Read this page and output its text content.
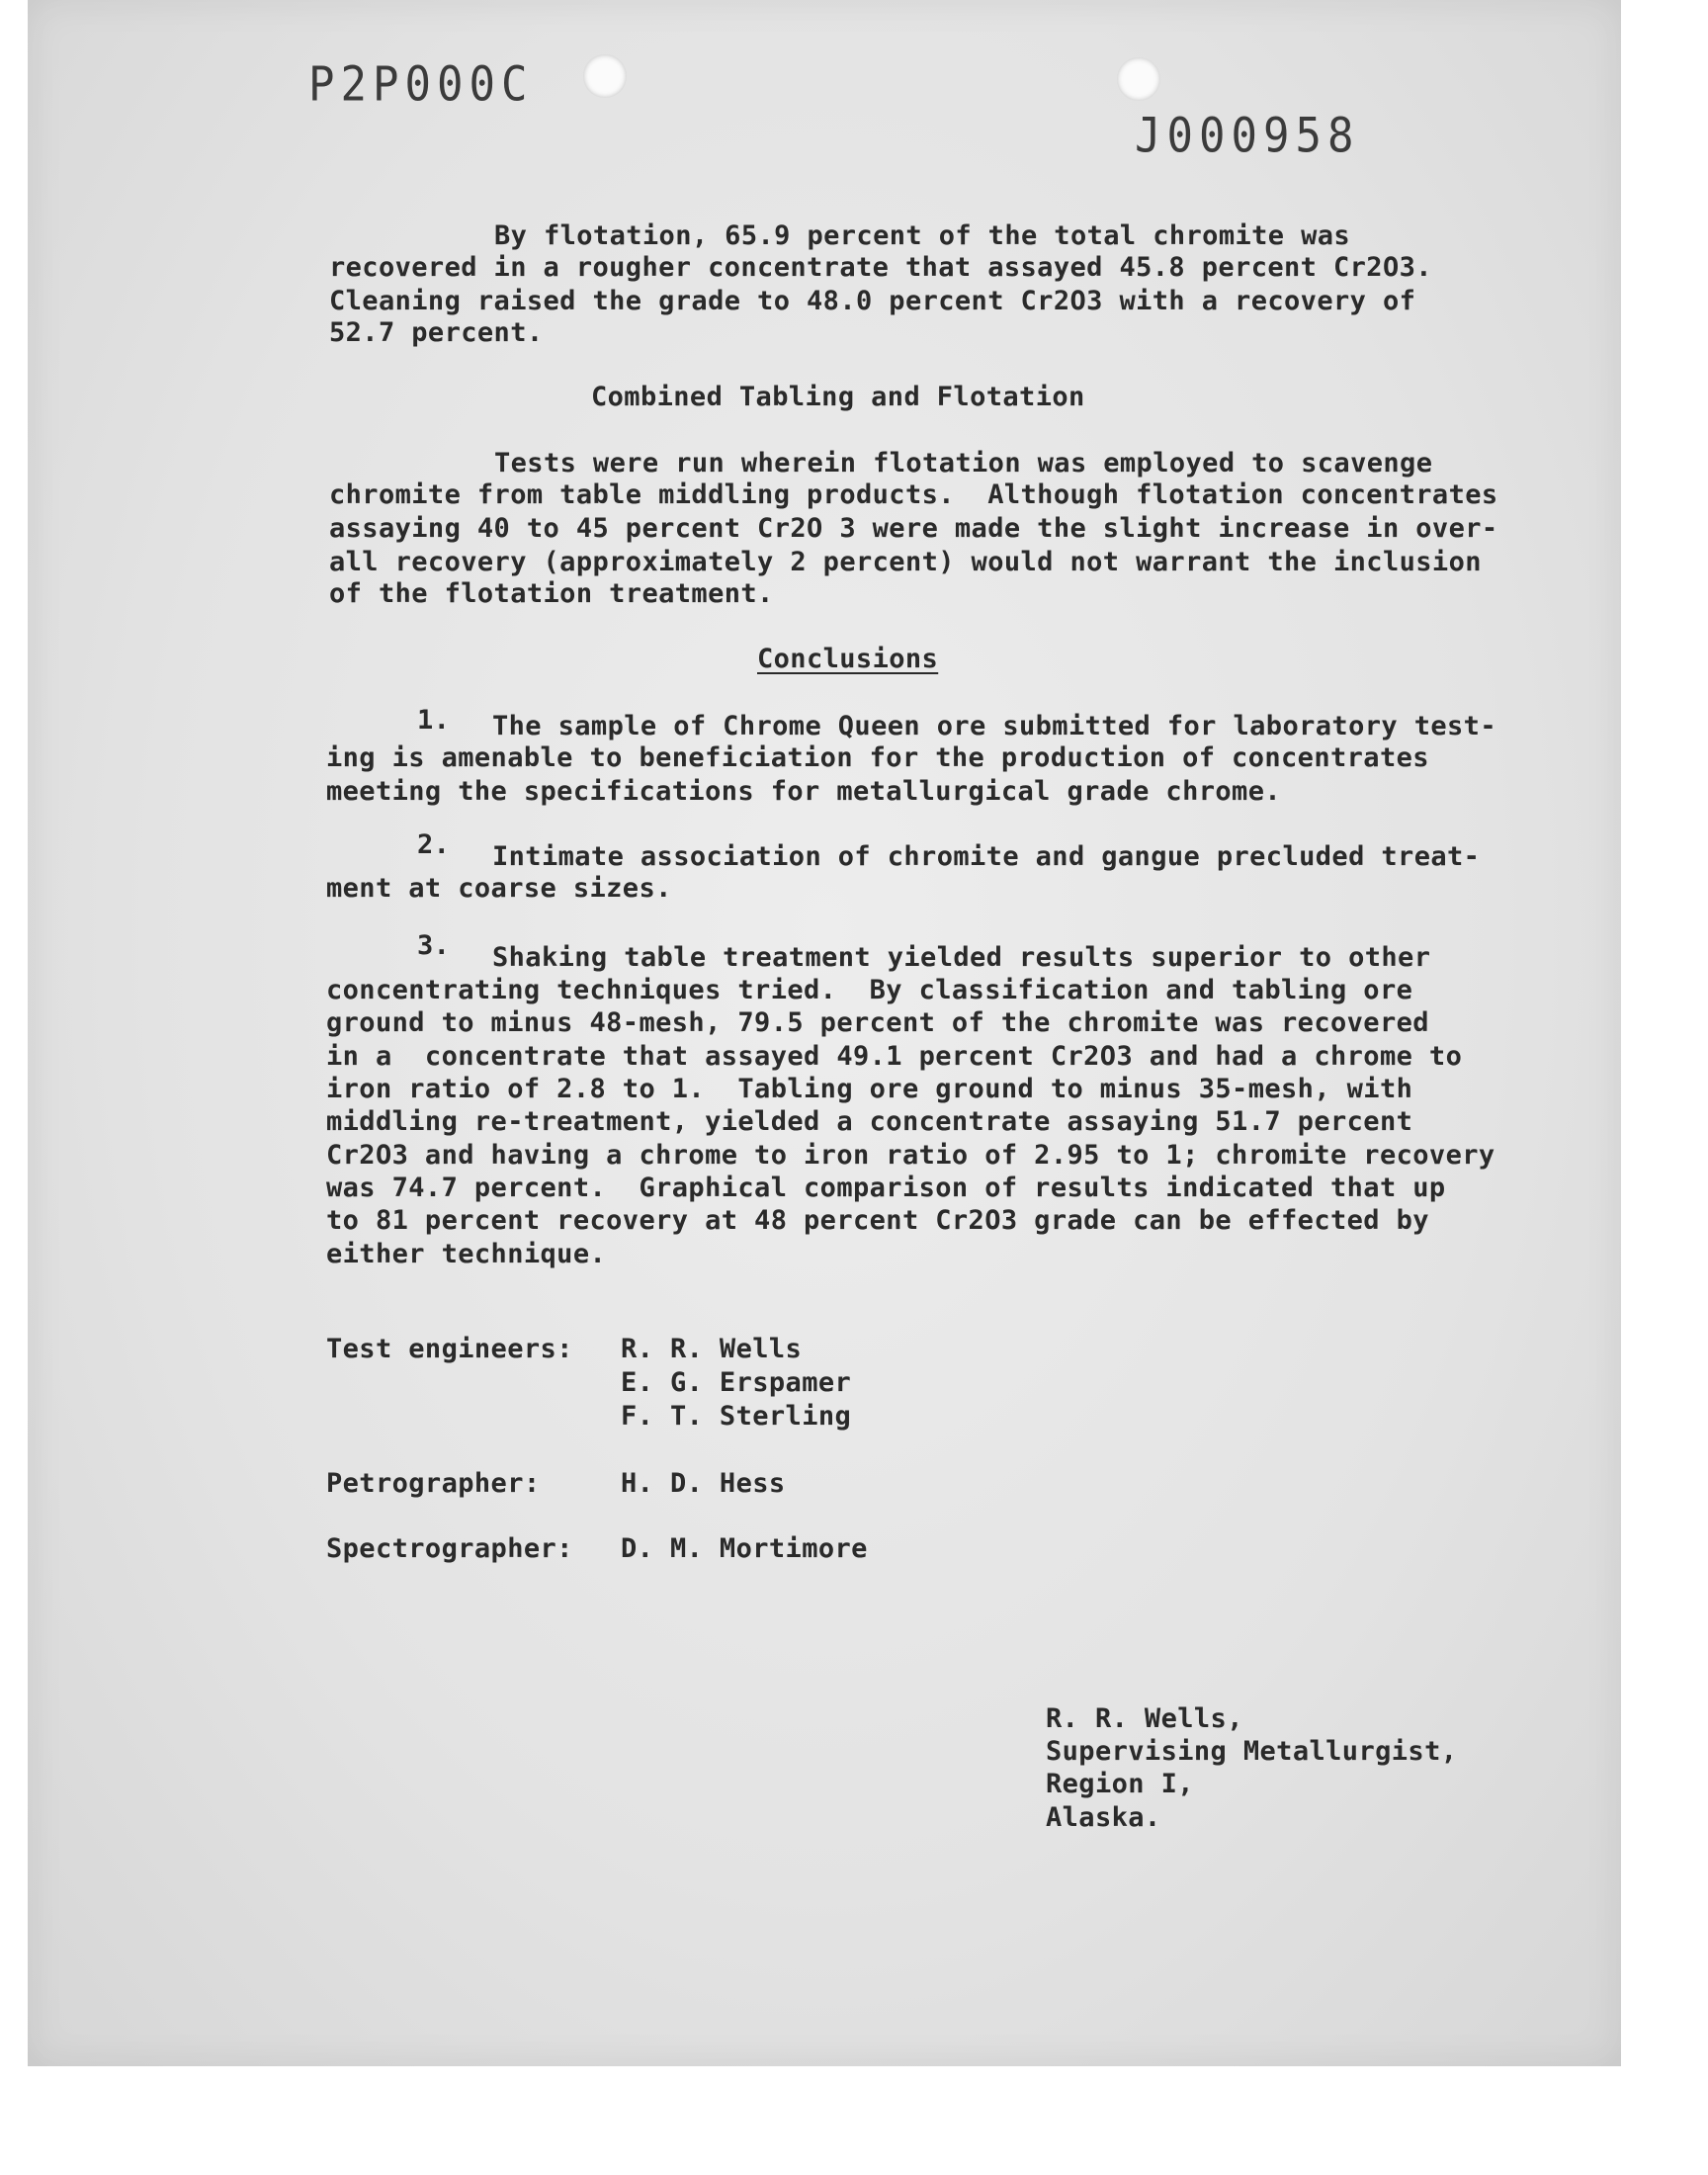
P2P000C
J000958
By flotation, 65.9 percent of the total chromite was
recovered in a rougher concentrate that assayed 45.8 percent Cr2O3.
Cleaning raised the grade to 48.0 percent Cr2O3 with a recovery of
52.7 percent.
Combined Tabling and Flotation
Tests were run wherein flotation was employed to scavenge
chromite from table middling products.  Although flotation concentrates
assaying 40 to 45 percent Cr2O 3 were made the slight increase in over-
all recovery (approximately 2 percent) would not warrant the inclusion
of the flotation treatment.
Conclusions
1. The sample of Chrome Queen ore submitted for laboratory test-
ing is amenable to beneficiation for the production of concentrates
meeting the specifications for metallurgical grade chrome.
2. Intimate association of chromite and gangue precluded treat-
ment at coarse sizes.
3. Shaking table treatment yielded results superior to other
concentrating techniques tried.  By classification and tabling ore
ground to minus 48-mesh, 79.5 percent of the chromite was recovered
in a  concentrate that assayed 49.1 percent Cr2O3 and had a chrome to
iron ratio of 2.8 to 1.  Tabling ore ground to minus 35-mesh, with
middling re-treatment, yielded a concentrate assaying 51.7 percent
Cr2O3 and having a chrome to iron ratio of 2.95 to 1; chromite recovery
was 74.7 percent.  Graphical comparison of results indicated that up
to 81 percent recovery at 48 percent Cr2O3 grade can be effected by
either technique.
Test engineers: R. R. Wells
E. G. Erspamer
F. T. Sterling
Petrographer:	H. D. Hess
Spectrographer: D. M. Mortimore
R. R. Wells,
Supervising Metallurgist,
Region I,
Alaska.
